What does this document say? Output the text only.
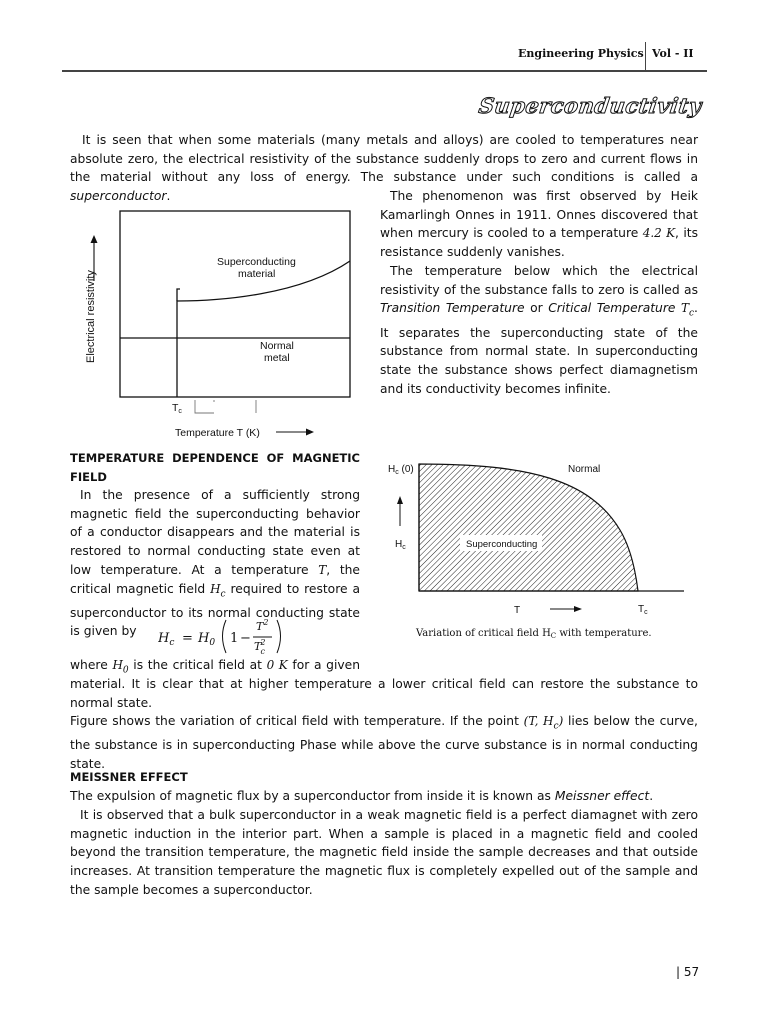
Engineering Physics Vol - II
Superconductivity

It is seen that when some materials (many metals and alloys) are cooled to temperatures near absolute zero, the electrical resistivity of the substance suddenly drops to zero and current flows in the material without any loss of energy. The substance under such conditions is called a superconductor.	The phenomenon was first observed by Heik Kamarlingh Onnes in 1911. Onnes discovered that when mercury is cooled to a temperature 4.2 K, its resistance suddenly vanishes.

The temperature below which the electrical resistivity of the substance falls to zero is called as Transition Temperature or Critical Temperature $T_c$. It separates the superconducting state of the substance from normal state. In superconducting state the substance shows perfect diamagnetism and its conductivity becomes infinite.

Electrical resistivity
Superconducting
material
Normal
metal
Tc
Temperature T (K)
TEMPERATURE DEPENDENCE OF MAGNETIC FIELD

In the presence of a sufficiently strong magnetic field the superconducting behavior of a conductor disappears and the material is restored to normal conducting state even at low temperature. At a temperature T, the critical magnetic field $H_c$ required to restore a superconductor to its normal conducting state is given by	$H_c = H_0$ 1 −
$T^2$
T2 c

where $H_0$ is the critical field at 0 K for a given

material. It is clear that at higher temperature a lower critical field can restore the substance to normal state.

Figure shows the variation of critical field with temperature. If the point (T, $H_c$) lies below the curve, the substance is in superconducting Phase while above the curve substance is in normal conducting state.

$H_c$ (0)	Normal
$H_c$	Superconducting
T	$T_c$
Variation of critical field $H_C$ with temperature.
MEISSNER EFFECT

The expulsion of magnetic flux by a superconductor from inside it is known as Meissner effect.

It is observed that a bulk superconductor in a weak magnetic field is a perfect diamagnet with zero magnetic induction in the interior part. When a sample is placed in a magnetic field and cooled beyond the transition temperature, the magnetic field inside the sample decreases and that outside increases. At transition temperature the magnetic flux is completely expelled out of the sample and the sample becomes a superconductor.

| 57
